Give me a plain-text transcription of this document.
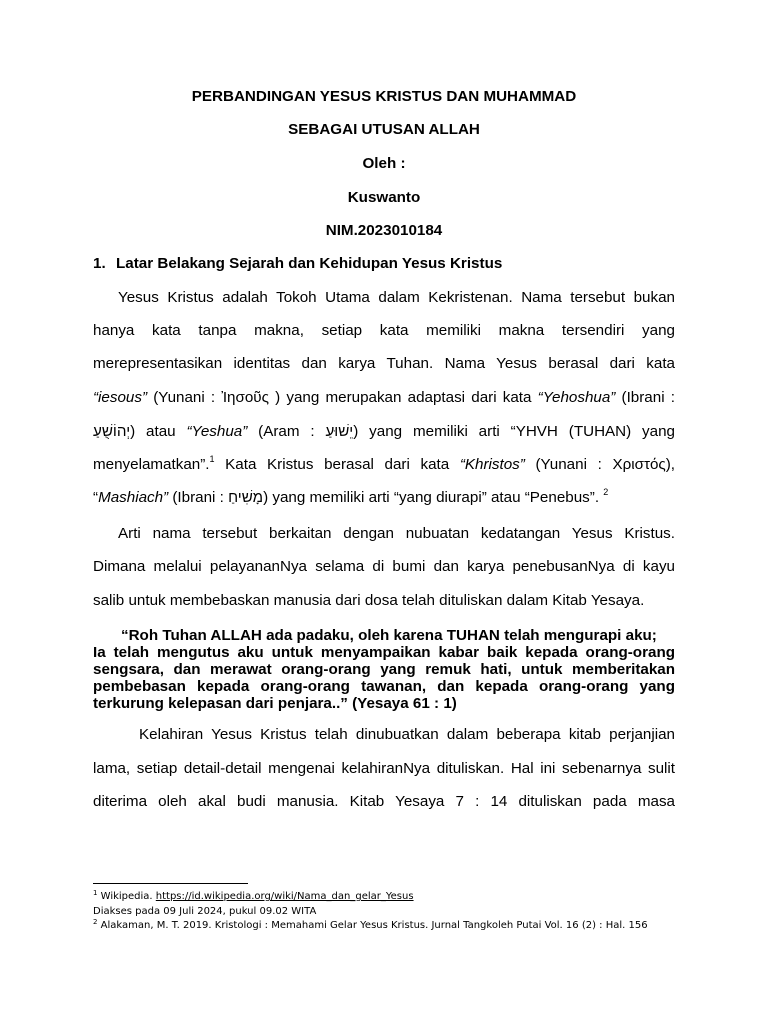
PERBANDINGAN YESUS KRISTUS DAN MUHAMMAD
SEBAGAI UTUSAN ALLAH
Oleh :
Kuswanto
NIM.2023010184
1. Latar Belakang Sejarah dan Kehidupan Yesus Kristus
Yesus Kristus adalah Tokoh Utama dalam Kekristenan. Nama tersebut bukan
hanya kata tanpa makna, setiap kata memiliki makna tersendiri yang
merepresentasikan identitas dan karya Tuhan. Nama Yesus berasal dari kata
“iesous” (Yunani : Ἰησοῦς ) yang merupakan adaptasi dari kata “Yehoshua” (Ibrani :
יְהוֹשֻׁעַ) atau “Yeshua” (Aram : יֵשׁוּעַ) yang memiliki arti “YHVH (TUHAN) yang
menyelamatkan”.$^1$ Kata Kristus berasal dari kata “Khristos” (Yunani : Χριστός),
“Mashiach” (Ibrani : מָשִׁיחַ) yang memiliki arti “yang diurapi” atau “Penebus”. $^2$
Arti nama tersebut berkaitan dengan nubuatan kedatangan Yesus Kristus.
Dimana melalui pelayananNya selama di bumi dan karya penebusanNya di kayu
salib untuk membebaskan manusia dari dosa telah dituliskan dalam Kitab Yesaya.
“Roh Tuhan ALLAH ada padaku, oleh karena TUHAN telah mengurapi aku;
Ia telah mengutus aku untuk menyampaikan kabar baik kepada orang-orang
sengsara, dan merawat orang-orang yang remuk hati, untuk memberitakan
pembebasan kepada orang-orang tawanan, dan kepada orang-orang yang
terkurung kelepasan dari penjara..” (Yesaya 61 : 1)
Kelahiran Yesus Kristus telah dinubuatkan dalam beberapa kitab perjanjian
lama, setiap detail-detail mengenai kelahiranNya dituliskan. Hal ini sebenarnya sulit
diterima oleh akal budi manusia. Kitab Yesaya 7 : 14 dituliskan pada masa
$^1$ Wikipedia. https://id.wikipedia.org/wiki/Nama_dan_gelar_Yesus
Diakses pada 09 Juli 2024, pukul 09.02 WITA
$^2$ Alakaman, M. T. 2019. Kristologi : Memahami Gelar Yesus Kristus. Jurnal Tangkoleh Putai Vol. 16 (2) : Hal. 156
